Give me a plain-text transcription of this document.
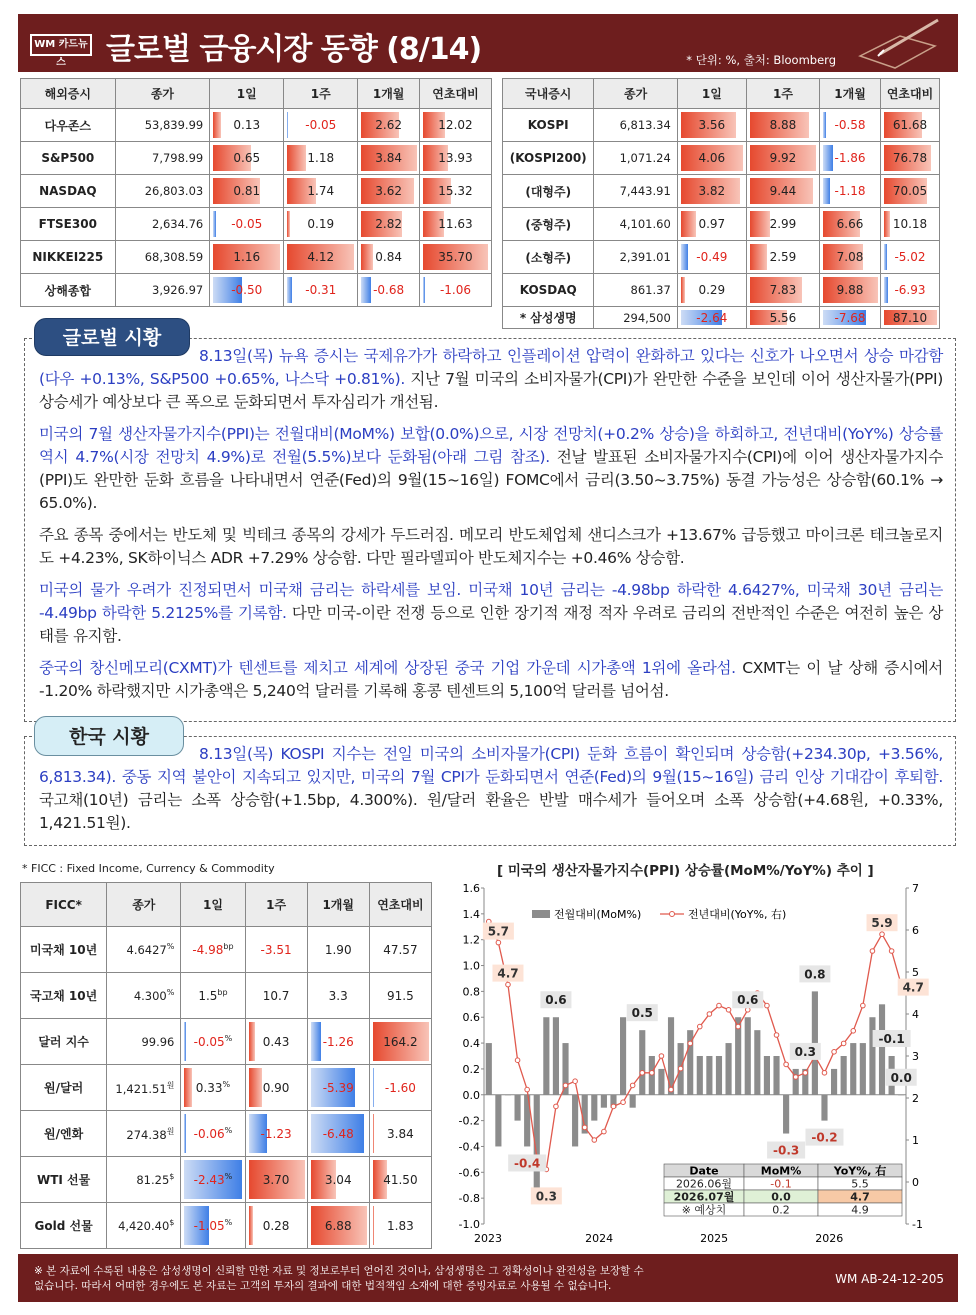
WM 카드뉴스	글로벌 금융시장 동향 (8/14)	* 단위: %, 출처: Bloomberg
해외증시	종가	1일	1주	1개월	연초대비
다우존스	53,839.99	0.13	-0.05	2.62	12.02
S&P500	7,798.99	0.65	1.18	3.84	13.93
NASDAQ	26,803.03	0.81	1.74	3.62	15.32
FTSE300	2,634.76	-0.05	0.19	2.82	11.63
NIKKEI225	68,308.59	1.16	4.12	0.84	35.70
상해종합	3,926.97	-0.50	-0.31	-0.68	-1.06
국내증시	종가	1일	1주	1개월	연초대비
KOSPI	6,813.34	3.56	8.88	-0.58	61.68
(KOSPI200)	1,071.24	4.06	9.92	-1.86	76.78
(대형주)	7,443.91	3.82	9.44	-1.18	70.05
(중형주)	4,101.60	0.97	2.99	6.66	10.18
(소형주)	2,391.01	-0.49	2.59	7.08	-5.02
KOSDAQ	861.37	0.29	7.83	9.88	-6.93
* 삼성생명	294,500	-2.64	5.56	-7.68	87.10
8.13일(목) 뉴욕 증시는 국제유가가 하락하고 인플레이션 압력이 완화하고 있다는 신호가 나오면서 상승 마감함(다우 +0.13%, S&P500 +0.65%, 나스닥 +0.81%). 지난 7월 미국의 소비자물가(CPI)가 완만한 수준을 보인데 이어 생산자물가(PPI) 상승세가 예상보다 큰 폭으로 둔화되면서 투자심리가 개선됨.
미국의 7월 생산자물가지수(PPI)는 전월대비(MoM%) 보합(0.0%)으로, 시장 전망치(+0.2% 상승)을 하회하고, 전년대비(YoY%) 상승률 역시 4.7%(시장 전망치 4.9%)로 전월(5.5%)보다 둔화됨(아래 그림 참조). 전날 발표된 소비자물가지수(CPI)에 이어 생산자물가지수(PPI)도 완만한 둔화 흐름을 나타내면서 연준(Fed)의 9월(15~16일) FOMC에서 금리(3.50~3.75%) 동결 가능성은 상승함(60.1% → 65.0%).
주요 종목 중에서는 반도체 및 빅테크 종목의 강세가 두드러짐. 메모리 반도체업체 샌디스크가 +13.67% 급등했고 마이크론 테크놀로지도 +4.23%, SK하이닉스 ADR +7.29% 상승함. 다만 필라델피아 반도체지수는 +0.46% 상승함.
미국의 물가 우려가 진정되면서 미국채 금리는 하락세를 보임. 미국채 10년 금리는 -4.98bp 하락한 4.6427%, 미국채 30년 금리는 -4.49bp 하락한 5.2125%를 기록함. 다만 미국-이란 전쟁 등으로 인한 장기적 재정 적자 우려로 금리의 전반적인 수준은 여전히 높은 상태를 유지함.
중국의 창신메모리(CXMT)가 텐센트를 제치고 세계에 상장된 중국 기업 가운데 시가총액 1위에 올라섬. CXMT는 이 날 상해 증시에서 -1.20% 하락했지만 시가총액은 5,240억 달러를 기록해 홍콩 텐센트의 5,100억 달러를 넘어섬.
글로벌 시황
8.13일(목) KOSPI 지수는 전일 미국의 소비자물가(CPI) 둔화 흐름이 확인되며 상승함(+234.30p, +3.56%, 6,813.34). 중동 지역 불안이 지속되고 있지만, 미국의 7월 CPI가 둔화되면서 연준(Fed)의 9월(15~16일) 금리 인상 기대감이 후퇴함. 국고채(10년) 금리는 소폭 상승함(+1.5bp, 4.300%). 원/달러 환율은 반발 매수세가 들어오며 소폭 상승함(+4.68원, +0.33%, 1,421.51원).
한국 시황
* FICC : Fixed Income, Currency & Commodity
FICC*	종가	1일	1주	1개월	연초대비
미국채 10년	4.6427%	$-4.98^{bp}$	-3.51	1.90	47.57
국고채 10년	4.300%	$1.5^{bp}$	10.7	3.3	91.5
달러 지수	99.96	-0.05%	0.43	-1.26	164.2
원/달러	$1,421.51^원$	0.33%	0.90	-5.39	-1.60
원/엔화	$274.38^원$	-0.06%	-1.23	-6.48	3.84
WTI 선물	81.25$	-2.43%	3.70	3.04	41.50
Gold 선물	4,420.40$	-1.05%	0.28	6.88	1.83
[ 미국의 생산자물가지수(PPI) 상승률(MoM%/YoY%) 추이 ]
1.6
1.4
1.2
1.0
0.8
0.6
0.4
0.2
0.0
-0.2
-0.4
-0.6
-0.8
-1.0
7
6
5
4
3
2
1
0
-1
2023	2024	2025	2026
전월대비(MoM%)	전년대비(YoY%, 右)
5.7
4.7
-0.4
0.3
0.6
0.5
0.6
-0.3
0.3
0.8
-0.2
5.9
4.7
-0.1
0.0
Date	MoM%	YoY%, 右
2026.06월	-0.1	5.5
2026.07월	0.0	4.7
※ 예상치	0.2	4.9
※ 본 자료에 수록된 내용은 삼성생명이 신뢰할 만한 자료 및 정보로부터 얻어진 것이나, 삼성생명은 그 정확성이나 완전성을 보장할 수
없습니다. 따라서 어떠한 경우에도 본 자료는 고객의 투자의 결과에 대한 법적책임 소재에 대한 증빙자료로 사용될 수 없습니다.	WM AB-24-12-205
